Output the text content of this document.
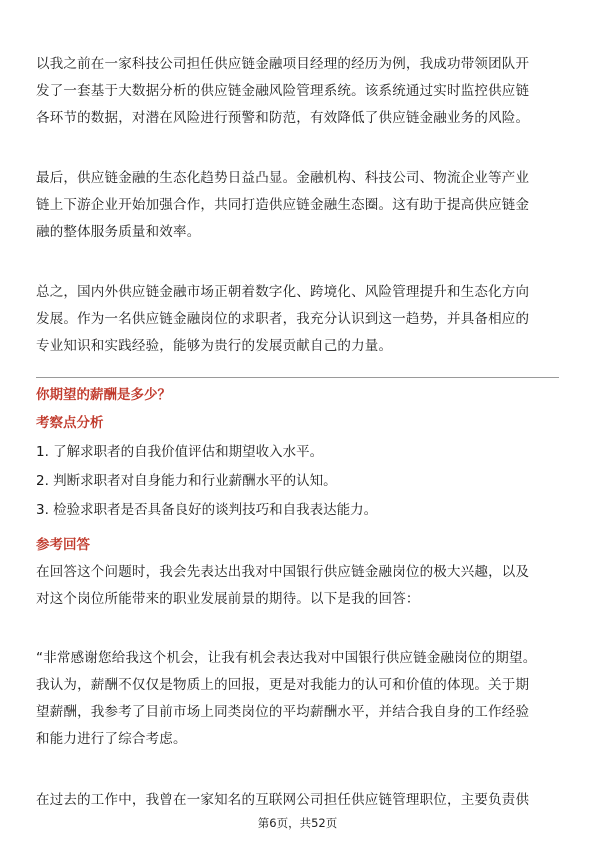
以我之前在一家科技公司担任供应链金融项目经理的经历为例，我成功带领团队开
发了一套基于大数据分析的供应链金融风险管理系统。该系统通过实时监控供应链
各环节的数据，对潜在风险进行预警和防范，有效降低了供应链金融业务的风险。
最后，供应链金融的生态化趋势日益凸显。金融机构、科技公司、物流企业等产业
链上下游企业开始加强合作，共同打造供应链金融生态圈。这有助于提高供应链金
融的整体服务质量和效率。
总之，国内外供应链金融市场正朝着数字化、跨境化、风险管理提升和生态化方向
发展。作为一名供应链金融岗位的求职者，我充分认识到这一趋势，并具备相应的
专业知识和实践经验，能够为贵行的发展贡献自己的力量。

你期望的薪酬是多少？

考察点分析

1. 了解求职者的自我价值评估和期望收入水平。

2. 判断求职者对自身能力和行业薪酬水平的认知。

3. 检验求职者是否具备良好的谈判技巧和自我表达能力。

参考回答

在回答这个问题时，我会先表达出我对中国银行供应链金融岗位的极大兴趣，以及
对这个岗位所能带来的职业发展前景的期待。以下是我的回答：
“非常感谢您给我这个机会，让我有机会表达我对中国银行供应链金融岗位的期望。
我认为，薪酬不仅仅是物质上的回报，更是对我能力的认可和价值的体现。关于期
望薪酬，我参考了目前市场上同类岗位的平均薪酬水平，并结合我自身的工作经验
和能力进行了综合考虑。
在过去的工作中，我曾在一家知名的互联网公司担任供应链管理职位，主要负责供
第6页，共52页
